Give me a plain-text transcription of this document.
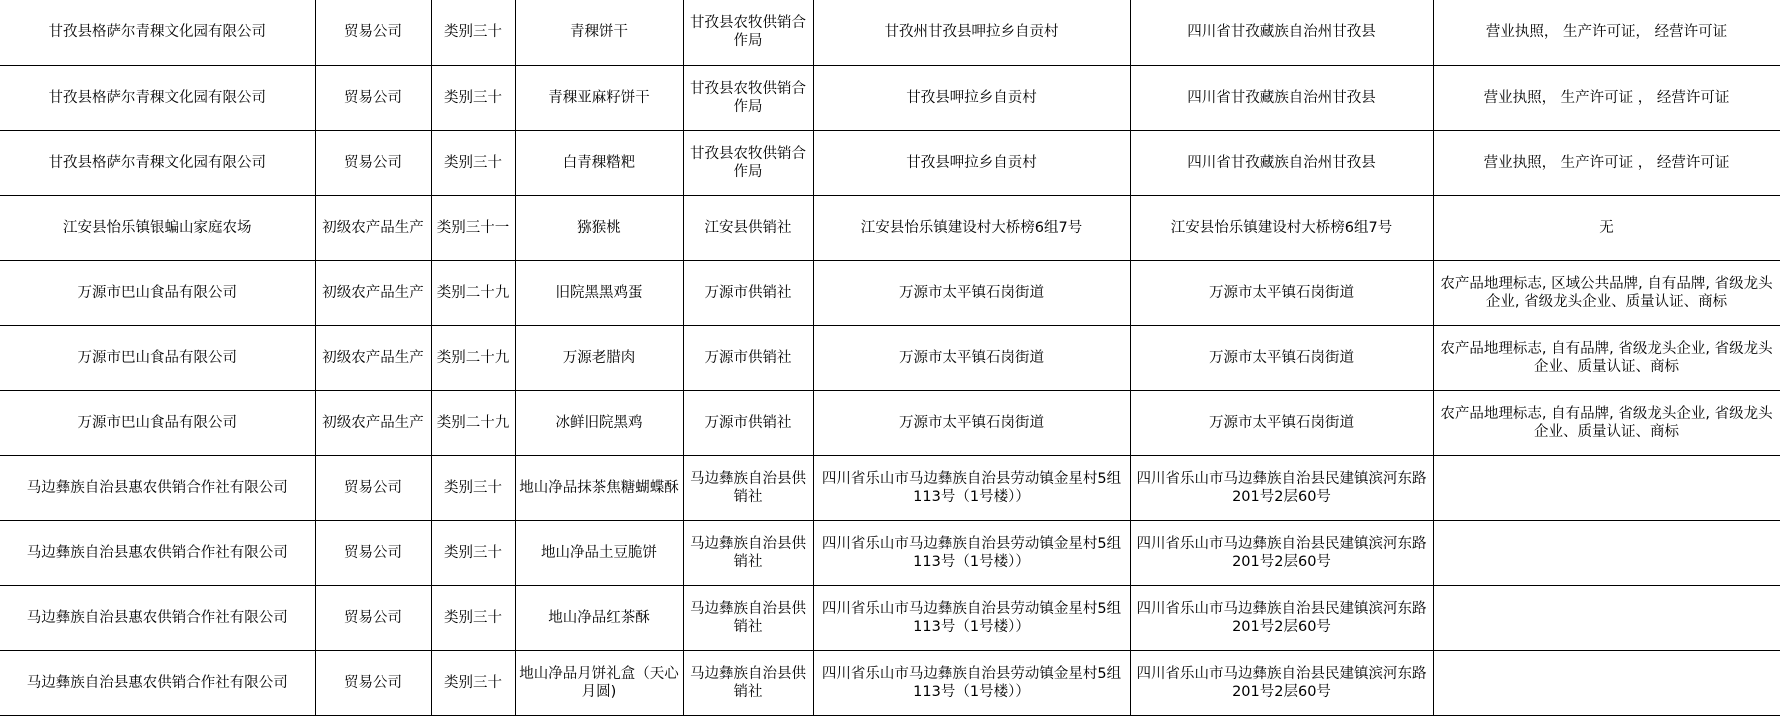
甘孜县格萨尔青稞文化园有限公司	贸易公司	类别三十	青稞饼干	甘孜县农牧供销合作局	甘孜州甘孜县呷拉乡自贡村	四川省甘孜藏族自治州甘孜县	营业执照， 生产许可证， 经营许可证
甘孜县格萨尔青稞文化园有限公司	贸易公司	类别三十	青稞亚麻籽饼干	甘孜县农牧供销合作局	甘孜县呷拉乡自贡村	四川省甘孜藏族自治州甘孜县	营业执照， 生产许可证 ， 经营许可证
甘孜县格萨尔青稞文化园有限公司	贸易公司	类别三十	白青稞糌粑	甘孜县农牧供销合作局	甘孜县呷拉乡自贡村	四川省甘孜藏族自治州甘孜县	营业执照， 生产许可证 ， 经营许可证
江安县怡乐镇银蝙山家庭农场	初级农产品生产	类别三十一	猕猴桃	江安县供销社	江安县怡乐镇建设村大桥榜6组7号	江安县怡乐镇建设村大桥榜6组7号	无
万源市巴山食品有限公司	初级农产品生产	类别二十九	旧院黑黑鸡蛋	万源市供销社	万源市太平镇石岗街道	万源市太平镇石岗街道	农产品地理标志, 区域公共品牌, 自有品牌, 省级龙头企业, 省级龙头企业、质量认证、商标
万源市巴山食品有限公司	初级农产品生产	类别二十九	万源老腊肉	万源市供销社	万源市太平镇石岗街道	万源市太平镇石岗街道	农产品地理标志, 自有品牌, 省级龙头企业, 省级龙头企业、质量认证、商标
万源市巴山食品有限公司	初级农产品生产	类别二十九	冰鲜旧院黑鸡	万源市供销社	万源市太平镇石岗街道	万源市太平镇石岗街道	农产品地理标志, 自有品牌, 省级龙头企业, 省级龙头企业、质量认证、商标
马边彝族自治县惠农供销合作社有限公司	贸易公司	类别三十	地山净品抹茶焦糖蝴蝶酥	马边彝族自治县供销社	四川省乐山市马边彝族自治县劳动镇金星村5组113号（1号楼））	四川省乐山市马边彝族自治县民建镇滨河东路201号2层60号	
马边彝族自治县惠农供销合作社有限公司	贸易公司	类别三十	地山净品土豆脆饼	马边彝族自治县供销社	四川省乐山市马边彝族自治县劳动镇金星村5组113号（1号楼））	四川省乐山市马边彝族自治县民建镇滨河东路201号2层60号	
马边彝族自治县惠农供销合作社有限公司	贸易公司	类别三十	地山净品红茶酥	马边彝族自治县供销社	四川省乐山市马边彝族自治县劳动镇金星村5组113号（1号楼））	四川省乐山市马边彝族自治县民建镇滨河东路201号2层60号	
马边彝族自治县惠农供销合作社有限公司	贸易公司	类别三十	地山净品月饼礼盒（天心月圆)	马边彝族自治县供销社	四川省乐山市马边彝族自治县劳动镇金星村5组113号（1号楼））	四川省乐山市马边彝族自治县民建镇滨河东路201号2层60号	
